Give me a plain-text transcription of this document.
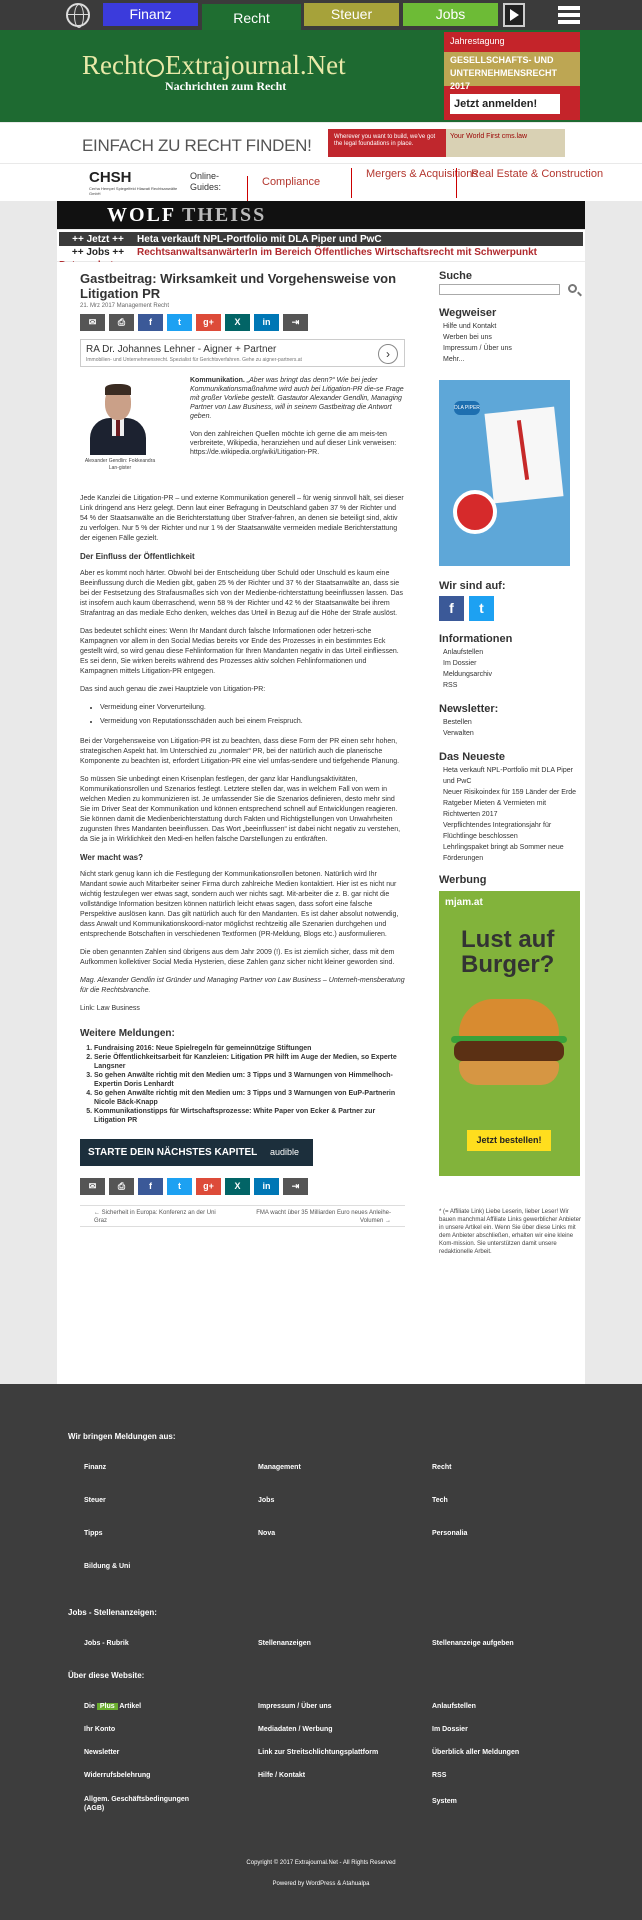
Finanz	Recht	Steuer	Jobs
Recht Extrajournal.Net
Nachrichten zum Recht
Jahrestagung
GESELLSCHAFTS- UND UNTERNEHMENSRECHT 2017
Jetzt anmelden!
EINFACH ZU RECHT FINDEN!	Wherever you want to build, we've got the legal foundations in place.
Your World First cms.law
CHSH
Cerha Hempel Spiegelfeld Hlawati Rechtsanwälte GmbH
Online-Guides:	Compliance
Mergers & Acquisitions
Real Estate & Construction
WOLF THEISS
++ Jetzt ++ Heta verkauft NPL-Portfolio mit DLA Piper und PwC
++ Jobs ++ RechtsanwaltsanwärterIn im Bereich Öffentliches Wirtschaftsrecht mit Schwerpunkt
Gastbeitrag: Wirksamkeit und Vorgehensweise von Litigation PR
21. Mrz 2017 Management Recht
✉	⎙	f	t	g+	X	in	⇥
RA Dr. Johannes Lehner - Aigner + Partner
Immobilien- und Unternehmensrecht. Spezialist für Gerichtsverfahren. Gehe zu aigner-partners.at	›
Alexander Gendlin: Fokkeandra Lan-gister
Kommunikation. „Aber was bringt das denn?“ Wie bei jeder Kommunikationsmaßnahme wird auch bei Litigation-PR die-se Frage mit großer Vorliebe gestellt. Gastautor Alexander Gendlin, Managing Partner von Law Business, will in seinem Gastbeitrag die Antwort geben.
Von den zahlreichen Quellen möchte ich gerne die am meis-ten verbreitete, Wikipedia, heranziehen und auf dieser Link verweisen: https://de.wikipedia.org/wiki/Litigation-PR.
Jede Kanzlei die Litigation-PR – und externe Kommunikation generell – für wenig sinnvoll hält, sei dieser Link dringend ans Herz gelegt. Denn laut einer Befragung in Deutschland gaben 37 % der Richter und 54 % der Staatsanwälte an die Berichterstattung über Strafver-fahren, an denen sie beteiligt sind, aktiv zu verfolgen. Nur 5 % der Richter und nur 1 % der Staatsanwälte vermeiden mediale Berichterstattung der eigenen Fälle gezielt.
Der Einfluss der Öffentlichkeit
Aber es kommt noch härter. Obwohl bei der Entscheidung über Schuld oder Unschuld es kaum eine Beeinflussung durch die Medien gibt, gaben 25 % der Richter und 37 % der Staatsanwälte an, dass sie bei der Festsetzung des Strafausmaßes sich von der Medienbe-richterstattung beeinflussen lassen. Das ist insofern auch kaum überraschend, wenn 58 % der Richter und 42 % der Staatsanwälte bei ihrem Strafantrag an das mediale Echo denken, welches das Urteil in Bezug auf die Höhe der Strafe auslöst.
Das bedeutet schlicht eines: Wenn Ihr Mandant durch falsche Informationen oder hetzeri-sche Kampagnen vor allem in den Social Medias bereits vor Ende des Prozesses in ein bestimmtes Eck gestellt wird, so wird genau diese Fehlinformation für Ihren Mandanten negativ in das Urteil einfliessen. Es sei denn, Sie wirken bereits während des Prozesses aktiv solchen Fehlinformationen und Kampagnen mittels Litigation-PR entgegen.
Das sind auch genau die zwei Hauptziele von Litigation-PR:
• Vermeidung einer Vorverurteilung.
• Vermeidung von Reputationsschäden auch bei einem Freispruch.
Bei der Vorgehensweise von Litigation-PR ist zu beachten, dass diese Form der PR einen sehr hohen, strategischen Aspekt hat. Im Unterschied zu „normaler“ PR, bei der natürlich auch die planerische Komponente zu beachten ist, erfordert Litigation-PR eine viel umfas-sendere und tiefgehende Planung.
So müssen Sie unbedingt einen Krisenplan festlegen, der ganz klar Handlungsaktivitäten, Kommunikationsrollen und Szenarios festlegt. Letztere stellen dar, was in welchem Fall von wem in welchen Medien zu kommunizieren ist. Je umfassender Sie die Szenarios definieren, desto mehr sind Sie im Driver Seat der Kommunikation und können entsprechend schnell auf Entwicklungen reagieren. Sie können damit die Medienberichterstattung durch Fakten und Richtigstellungen von Unwahrheiten zugunsten Ihres Mandanten beeinflussen. Das Wort „beeinflussen“ ist dabei nicht negativ zu verstehen, da Sie ja in Wirklichkeit den Medi-en helfen falsche Darstellungen zu entkräften.
Wer macht was?
Nicht stark genug kann ich die Festlegung der Kommunikationsrollen betonen. Natürlich wird Ihr Mandant sowie auch Mitarbeiter seiner Firma durch zahlreiche Medien kontaktiert. Hier ist es nicht nur wichtig festzulegen wer etwas sagt, sondern auch wer nichts sagt. Mit-arbeiter die z. B. gar nicht die vollständige Information besitzen können natürlich leicht etwas sagen, dass sofort eine falsche Perspektive auslösen kann. Das gilt natürlich auch für den Mandanten. Es ist daher absolut notwendig, dass Anwalt und Kommunikationskoordi-nator möglichst rechtzeitig alle Szenarien durchgehen und entsprechende Botschaften in verschiedenen Textformen (PR-Meldung, Blogs etc.) ausformulieren.
Die oben genannten Zahlen sind übrigens aus dem Jahr 2009 (!). Es ist ziemlich sicher, dass mit dem Aufkommen kollektiver Social Media Hysterien, diese Zahlen ganz sicher nicht kleiner geworden sind.
Mag. Alexander Gendlin ist Gründer und Managing Partner von Law Business – Unterneh-mensberatung für die Rechtsbranche.
Link: Law Business
Weitere Meldungen:
1. Fundraising 2016: Neue Spielregeln für gemeinnützige Stiftungen
2. Serie Öffentlichkeitsarbeit für Kanzleien: Litigation PR hilft im Auge der Medien, so Experte Langsner
3. So gehen Anwälte richtig mit den Medien um: 3 Tipps und 3 Warnungen von Himmelhoch-Expertin Doris Lenhardt
4. So gehen Anwälte richtig mit den Medien um: 3 Tipps und 3 Warnungen von EuP-Partnerin Nicole Bäck-Knapp
5. Kommunikationstipps für Wirtschaftsprozesse: White Paper von Ecker & Partner zur Litigation PR
STARTE DEIN NÄCHSTES KAPITEL audible
✉	⎙	f	t	g+	X	in	⇥
← Sicherheit in Europa: Konferenz an der Uni Graz
FMA wacht über 35 Milliarden Euro neues Anleihe-Volumen →
Suche
Wegweiser
Hilfe und Kontakt
Werben bei uns
Impressum / Über uns
Mehr...
DLA PIPER
Wir sind auf:
f	t
Informationen
Anlaufstellen
Im Dossier
Meldungsarchiv
RSS
Newsletter:
Bestellen
Verwalten
Das Neueste
Heta verkauft NPL-Portfolio mit DLA Piper und PwC
Neuer Risikoindex für 159 Länder der Erde
Ratgeber Mieten & Vermieten mit Richtwerten 2017
Verpflichtendes Integrationsjahr für Flüchtlinge beschlossen
Lehrlingspaket bringt ab Sommer neue Förderungen
Werbung
mjam.at
Lust auf Burger?
Jetzt bestellen!
* (= Affiliate Link) Liebe Leserin, lieber Leser! Wir bauen manchmal Affiliate Links gewerblicher Anbieter in unsere Artikel ein. Wenn Sie über diese Links mit dem Anbieter abschließen, erhalten wir eine kleine Kom-mission. Sie unterstützen damit unsere redaktionelle Arbeit.
Wir bringen Meldungen aus:
Finanz	Management	Recht
Steuer	Jobs	Tech
Tipps	Nova	Personalia
Bildung & Uni
Jobs - Stellenanzeigen:
Jobs - Rubrik	Stellenanzeigen	Stellenanzeige aufgeben
Über diese Website:
Die Plus Artikel	Impressum / Über uns	Anlaufstellen
Ihr Konto	Mediadaten / Werbung	Im Dossier
Newsletter	Link zur Streitschlichtungsplattform	Überblick aller Meldungen
Widerrufsbelehrung	Hilfe / Kontakt	RSS
Allgem. Geschäftsbedingungen (AGB)
System
Copyright © 2017 Extrajournal.Net - All Rights Reserved
Powered by WordPress & Atahualpa
